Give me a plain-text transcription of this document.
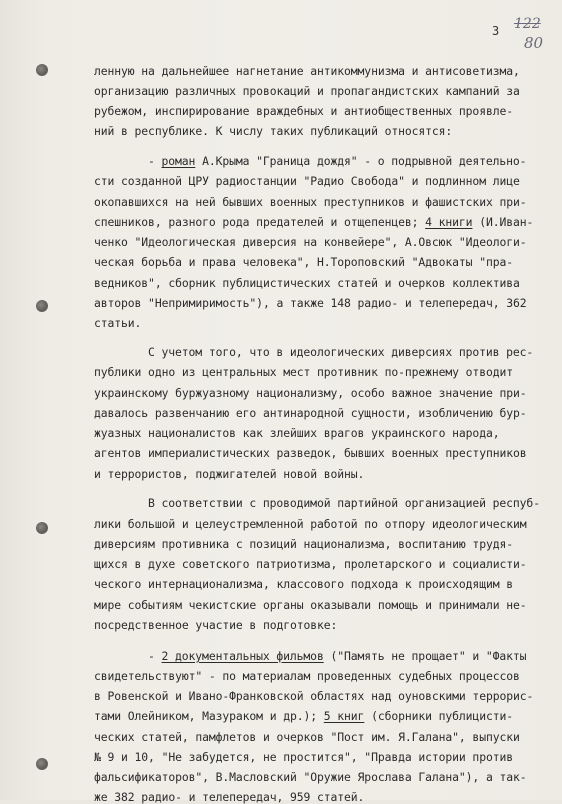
3 122
80
ленную на дальнейшее нагнетание антикоммунизма и антисоветизма,
организацию различных провокаций и пропагандистских кампаний за
рубежом, инспирирование враждебных и антиобщественных проявле-
ний в республике. К числу таких публикаций относятся:
- роман А.Крыма "Граница дождя" - о подрывной деятельно-
сти созданной ЦРУ радиостанции "Радио Свобода" и подлинном лице
окопавшихся на ней бывших военных преступников и фашистских при-
спешников, разного рода предателей и отщепенцев; 4 книги (И.Иван-
ченко "Идеологическая диверсия на конвейере", А.Овсюк "Идеологи-
ческая борьба и права человека", Н.Тороповский "Адвокаты "пра-
ведников", сборник публицистических статей и очерков коллектива
авторов "Непримиримость"), а также 148 радио- и телепередач, 362
статьи.
С учетом того, что в идеологических диверсиях против рес-
публики одно из центральных мест противник по-прежнему отводит
украинскому буржуазному национализму, особо важное значение при-
давалось развенчанию его антинародной сущности, изобличению бур-
жуазных националистов как злейших врагов украинского народа,
агентов империалистических разведок, бывших военных преступников
и террористов, поджигателей новой войны.
В соответствии с проводимой партийной организацией респуб-
лики большой и целеустремленной работой по отпору идеологическим
диверсиям противника с позиций национализма, воспитанию трудя-
щихся в духе советского патриотизма, пролетарского и социалисти-
ческого интернационализма, классового подхода к происходящим в
мире событиям чекистские органы оказывали помощь и принимали не-
посредственное участие в подготовке:
- 2 документальных фильмов ("Память не прощает" и "Факты
свидетельствуют" - по материалам проведенных судебных процессов
в Ровенской и Ивано-Франковской областях над оуновскими террорис-
тами Олейником, Мазураком и др.); 5 книг (сборники публицисти-
ческих статей, памфлетов и очерков "Пост им. Я.Галана", выпуски
№ 9 и 10, "Не забудется, не простится", "Правда истории против
фальсификаторов", В.Масловский "Оружие Ярослава Галана"), а так-
же 382 радио- и телепередач, 959 статей.
